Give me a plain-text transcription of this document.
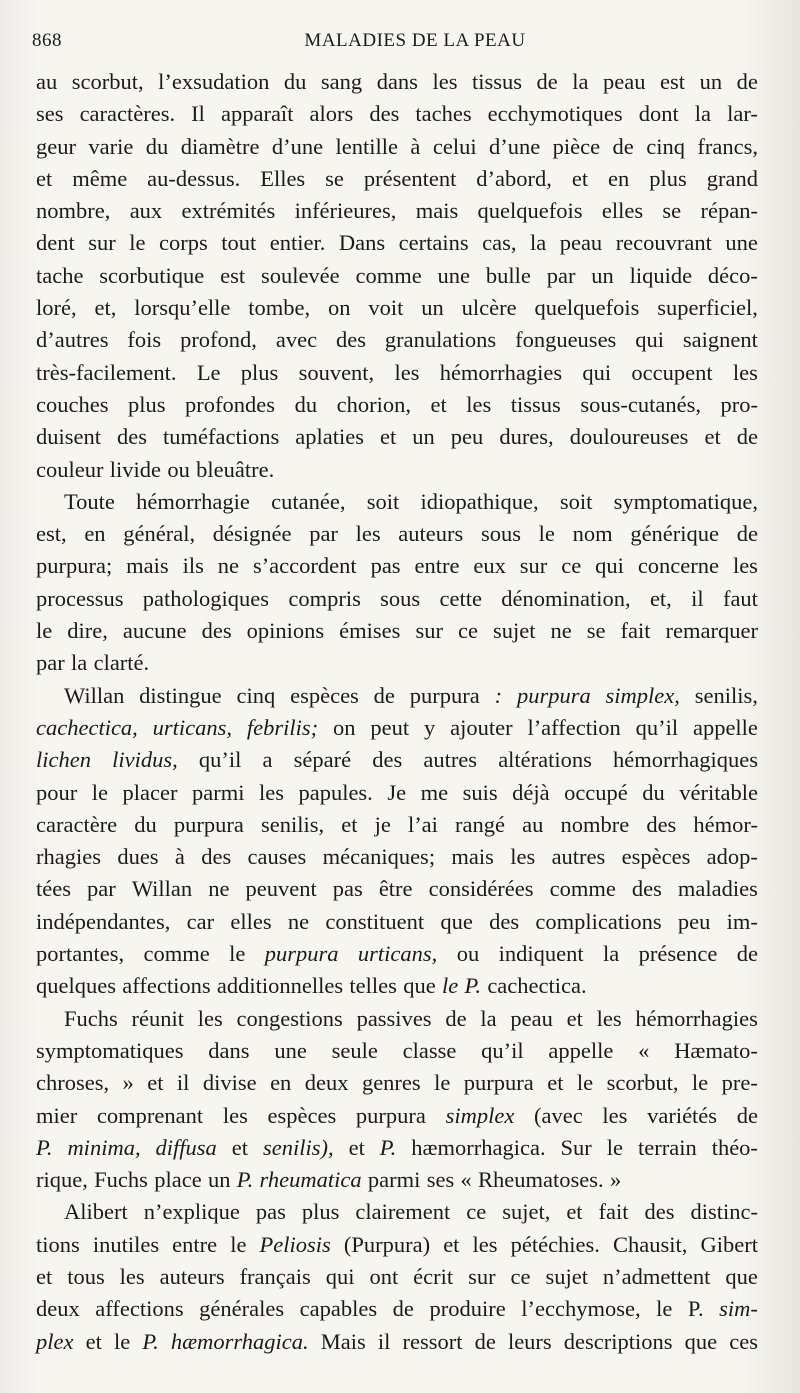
868	MALADIES DE LA PEAU
au scorbut, l’exsudation du sang dans les tissus de la peau est un de
ses caractères. Il apparaît alors des taches ecchymotiques dont la lar-
geur varie du diamètre d’une lentille à celui d’une pièce de cinq francs,
et même au-dessus. Elles se présentent d’abord, et en plus grand
nombre, aux extrémités inférieures, mais quelquefois elles se répan-
dent sur le corps tout entier. Dans certains cas, la peau recouvrant une
tache scorbutique est soulevée comme une bulle par un liquide déco-
loré, et, lorsqu’elle tombe, on voit un ulcère quelquefois superficiel,
d’autres fois profond, avec des granulations fongueuses qui saignent
très-facilement. Le plus souvent, les hémorrhagies qui occupent les
couches plus profondes du chorion, et les tissus sous-cutanés, pro-
duisent des tuméfactions aplaties et un peu dures, douloureuses et de
couleur livide ou bleuâtre.
Toute hémorrhagie cutanée, soit idiopathique, soit symptomatique,
est, en général, désignée par les auteurs sous le nom générique de
purpura; mais ils ne s’accordent pas entre eux sur ce qui concerne les
processus pathologiques compris sous cette dénomination, et, il faut
le dire, aucune des opinions émises sur ce sujet ne se fait remarquer
par la clarté.
Willan distingue cinq espèces de purpura : purpura simplex, senilis,
cachectica, urticans, febrilis; on peut y ajouter l’affection qu’il appelle
lichen lividus, qu’il a séparé des autres altérations hémorrhagiques
pour le placer parmi les papules. Je me suis déjà occupé du véritable
caractère du purpura senilis, et je l’ai rangé au nombre des hémor-
rhagies dues à des causes mécaniques; mais les autres espèces adop-
tées par Willan ne peuvent pas être considérées comme des maladies
indépendantes, car elles ne constituent que des complications peu im-
portantes, comme le purpura urticans, ou indiquent la présence de
quelques affections additionnelles telles que le P. cachectica.
Fuchs réunit les congestions passives de la peau et les hémorrhagies
symptomatiques dans une seule classe qu’il appelle « Hæmato-
chroses, » et il divise en deux genres le purpura et le scorbut, le pre-
mier comprenant les espèces purpura simplex (avec les variétés de
P. minima, diffusa et senilis), et P. hæmorrhagica. Sur le terrain théo-
rique, Fuchs place un P. rheumatica parmi ses « Rheumatoses. »
Alibert n’explique pas plus clairement ce sujet, et fait des distinc-
tions inutiles entre le Peliosis (Purpura) et les pétéchies. Chausit, Gibert
et tous les auteurs français qui ont écrit sur ce sujet n’admettent que
deux affections générales capables de produire l’ecchymose, le P. sim-
plex et le P. hæmorrhagica. Mais il ressort de leurs descriptions que ces
